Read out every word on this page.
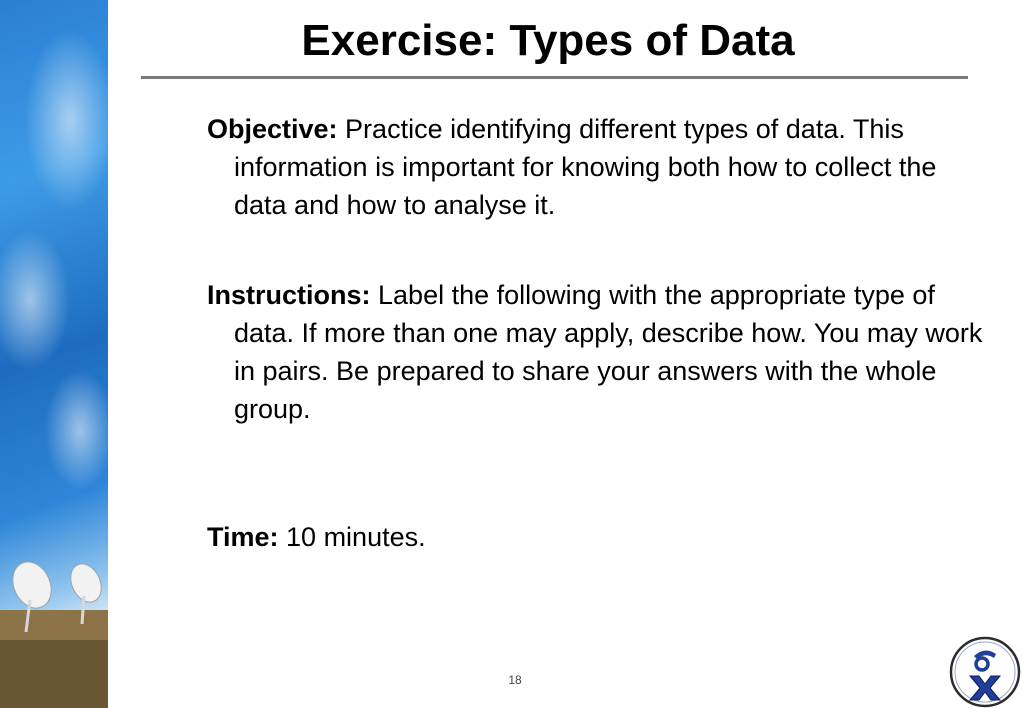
Exercise: Types of Data

Objective: Practice identifying different types of data. This information is important for knowing both how to collect the data and how to analyse it.

Instructions: Label the following with the appropriate type of data. If more than one may apply, describe how. You may work in pairs. Be prepared to share your answers with the whole group.

Time: 10 minutes.

18
